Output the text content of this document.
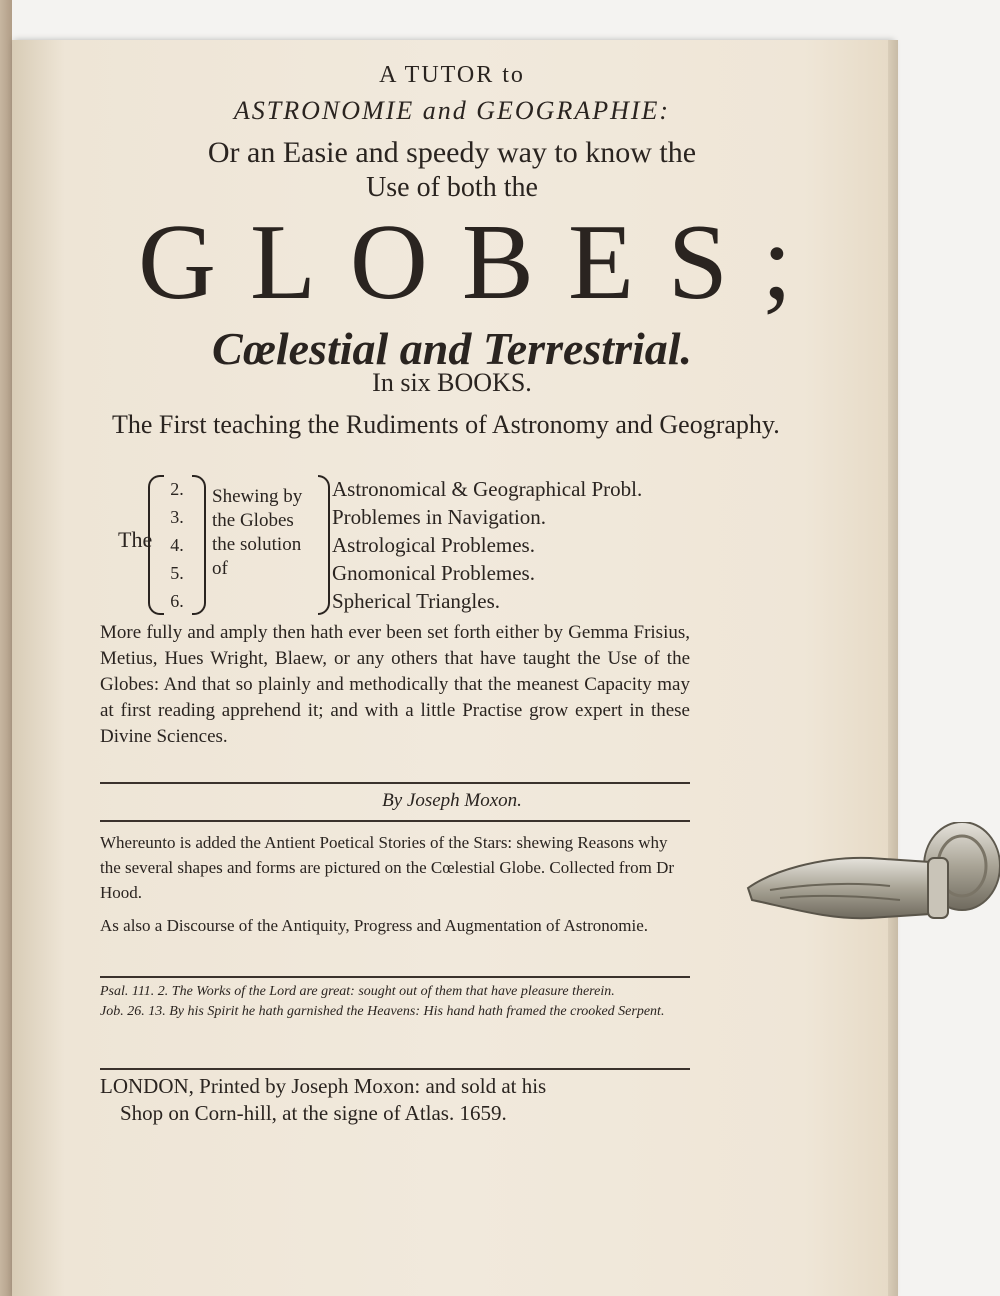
A TUTOR to
ASTRONOMIE and GEOGRAPHIE:
Or an Easie and speedy way to know the
Use of both the
GLOBES;
Cœlestial and Terrestrial.
In six BOOKS.
The First teaching the Rudiments of Astronomy and Geography.
The
2.
3.
4.
5.
6.
Shewing by
the Globes
the solution
of
Astronomical & Geographical Probl.
Problemes in Navigation.
Astrological Problemes.
Gnomonical Problemes.
Spherical Triangles.
More fully and amply then hath ever been set forth either by Gemma Frisius, Metius, Hues Wright, Blaew, or any others that have taught the Use of the Globes: And that so plainly and methodically that the meanest Capacity may at first reading apprehend it; and with a little Practise grow expert in these Divine Sciences.
By Joseph Moxon.
Whereunto is added the Antient Poetical Stories of the Stars: shewing Reasons why the several shapes and forms are pictured on the Cœlestial Globe. Collected from Dr Hood.
As also a Discourse of the Antiquity, Progress and Augmentation of Astronomie.
Psal. 111. 2. The Works of the Lord are great: sought out of them that have pleasure therein.
Job. 26. 13. By his Spirit he hath garnished the Heavens: His hand hath framed the crooked Serpent.
LONDON, Printed by Joseph Moxon: and sold at his
Shop on Corn-hill, at the signe of Atlas. 1659.
